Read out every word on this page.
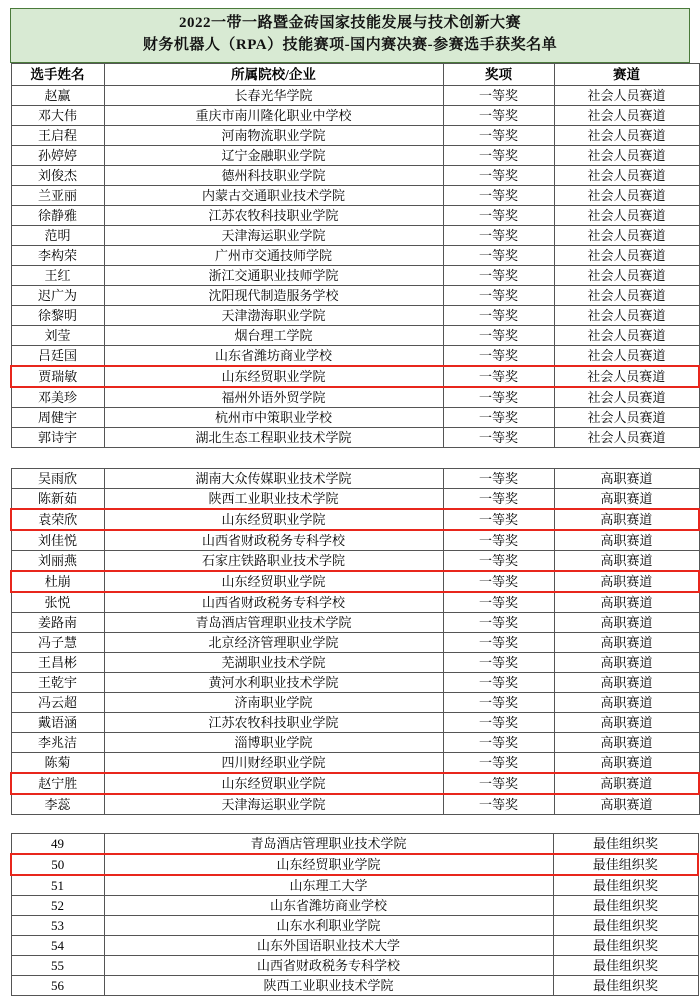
2022一带一路暨金砖国家技能发展与技术创新大赛
财务机器人（RPA）技能赛项-国内赛决赛-参赛选手获奖名单
选手姓名	所属院校/企业	奖项	赛道
赵赢	长春光华学院	一等奖	社会人员赛道
邓大伟	重庆市南川隆化职业中学校	一等奖	社会人员赛道
王启程	河南物流职业学院	一等奖	社会人员赛道
孙婷婷	辽宁金融职业学院	一等奖	社会人员赛道
刘俊杰	德州科技职业学院	一等奖	社会人员赛道
兰亚丽	内蒙古交通职业技术学院	一等奖	社会人员赛道
徐静雅	江苏农牧科技职业学院	一等奖	社会人员赛道
范明	天津海运职业学院	一等奖	社会人员赛道
李构荣	广州市交通技师学院	一等奖	社会人员赛道
王红	浙江交通职业技师学院	一等奖	社会人员赛道
迟广为	沈阳现代制造服务学校	一等奖	社会人员赛道
徐黎明	天津渤海职业学院	一等奖	社会人员赛道
刘莹	烟台理工学院	一等奖	社会人员赛道
吕廷国	山东省潍坊商业学校	一等奖	社会人员赛道
贾瑞敏	山东经贸职业学院	一等奖	社会人员赛道
邓美珍	福州外语外贸学院	一等奖	社会人员赛道
周健宇	杭州市中策职业学校	一等奖	社会人员赛道
郭诗宇	湖北生态工程职业技术学院	一等奖	社会人员赛道
吴雨欣	湖南大众传媒职业技术学院	一等奖	高职赛道
陈新茹	陕西工业职业技术学院	一等奖	高职赛道
袁荣欣	山东经贸职业学院	一等奖	高职赛道
刘佳悦	山西省财政税务专科学校	一等奖	高职赛道
刘丽燕	石家庄铁路职业技术学院	一等奖	高职赛道
杜崩	山东经贸职业学院	一等奖	高职赛道
张悦	山西省财政税务专科学校	一等奖	高职赛道
姜路南	青岛酒店管理职业技术学院	一等奖	高职赛道
冯子慧	北京经济管理职业学院	一等奖	高职赛道
王昌彬	芜湖职业技术学院	一等奖	高职赛道
王乾宇	黄河水利职业技术学院	一等奖	高职赛道
冯云超	济南职业学院	一等奖	高职赛道
戴语涵	江苏农牧科技职业学院	一等奖	高职赛道
李兆洁	淄博职业学院	一等奖	高职赛道
陈菊	四川财经职业学院	一等奖	高职赛道
赵宁胜	山东经贸职业学院	一等奖	高职赛道
李蕊	天津海运职业学院	一等奖	高职赛道
49	青岛酒店管理职业技术学院	最佳组织奖
50	山东经贸职业学院	最佳组织奖
51	山东理工大学	最佳组织奖
52	山东省潍坊商业学校	最佳组织奖
53	山东水利职业学院	最佳组织奖
54	山东外国语职业技术大学	最佳组织奖
55	山西省财政税务专科学校	最佳组织奖
56	陕西工业职业技术学院	最佳组织奖
